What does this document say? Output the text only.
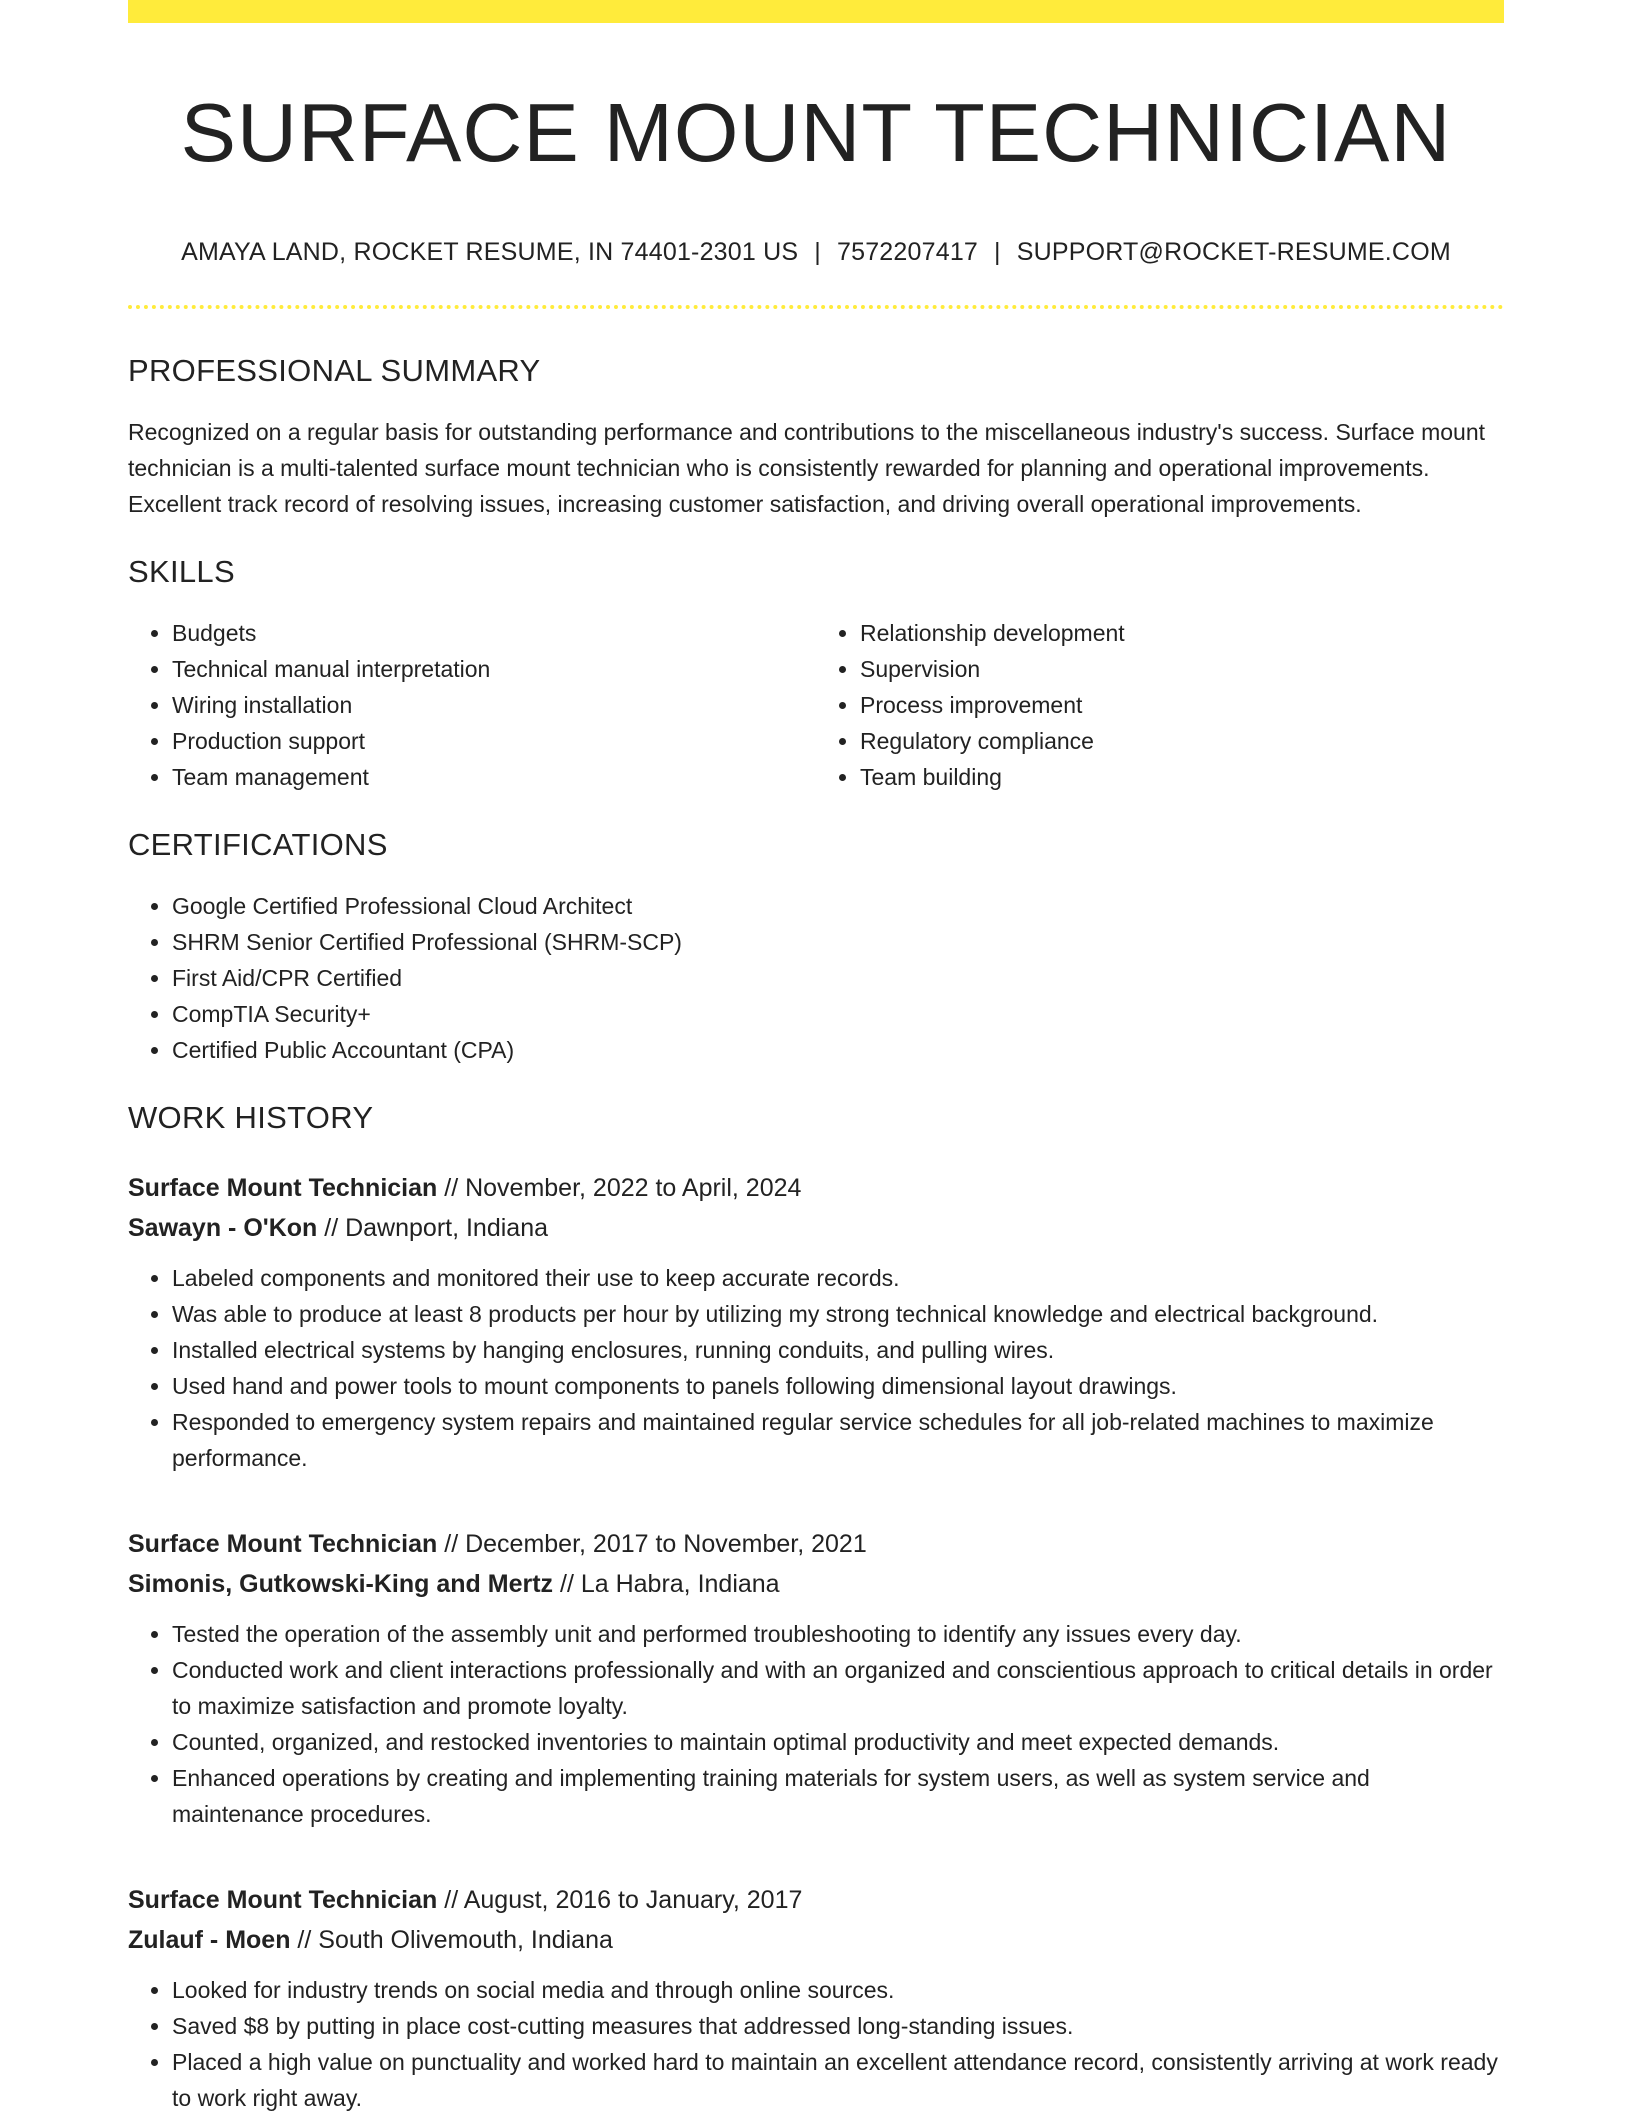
SURFACE MOUNT TECHNICIAN
AMAYA LAND, ROCKET RESUME, IN 74401-2301 US | 7572207417 | SUPPORT@ROCKET-RESUME.COM
PROFESSIONAL SUMMARY

Recognized on a regular basis for outstanding performance and contributions to the miscellaneous industry's success. Surface mount technician is a multi-talented surface mount technician who is consistently rewarded for planning and operational improvements. Excellent track record of resolving issues, increasing customer satisfaction, and driving overall operational improvements.

SKILLS
• Budgets
• Technical manual interpretation
• Wiring installation
• Production support
• Team management
• Relationship development
• Supervision
• Process improvement
• Regulatory compliance
• Team building
CERTIFICATIONS
• Google Certified Professional Cloud Architect
• SHRM Senior Certified Professional (SHRM-SCP)
• First Aid/CPR Certified
• CompTIA Security+
• Certified Public Accountant (CPA)
WORK HISTORY
Surface Mount Technician // November, 2022 to April, 2024
Sawayn - O'Kon // Dawnport, Indiana
• Labeled components and monitored their use to keep accurate records.
• Was able to produce at least 8 products per hour by utilizing my strong technical knowledge and electrical background.
• Installed electrical systems by hanging enclosures, running conduits, and pulling wires.
• Used hand and power tools to mount components to panels following dimensional layout drawings.
• Responded to emergency system repairs and maintained regular service schedules for all job-related machines to maximize performance.
Surface Mount Technician // December, 2017 to November, 2021
Simonis, Gutkowski-King and Mertz // La Habra, Indiana
• Tested the operation of the assembly unit and performed troubleshooting to identify any issues every day.
• Conducted work and client interactions professionally and with an organized and conscientious approach to critical details in order to maximize satisfaction and promote loyalty.
• Counted, organized, and restocked inventories to maintain optimal productivity and meet expected demands.
• Enhanced operations by creating and implementing training materials for system users, as well as system service and maintenance procedures.
Surface Mount Technician // August, 2016 to January, 2017
Zulauf - Moen // South Olivemouth, Indiana
• Looked for industry trends on social media and through online sources.
• Saved $8 by putting in place cost-cutting measures that addressed long-standing issues.
• Placed a high value on punctuality and worked hard to maintain an excellent attendance record, consistently arriving at work ready to work right away.
